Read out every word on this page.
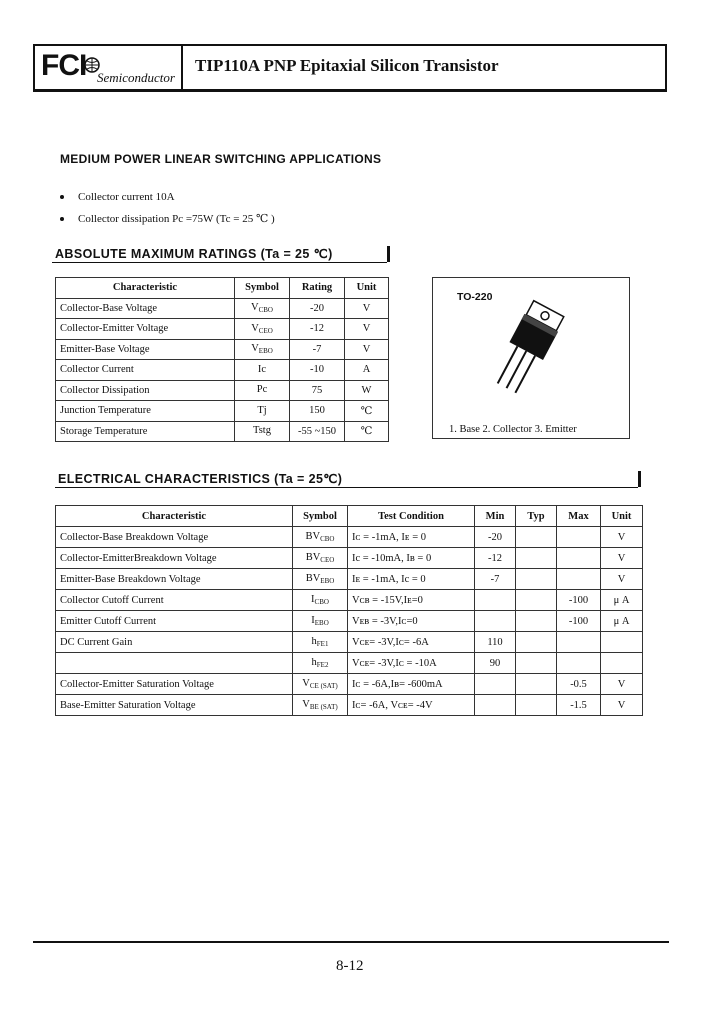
FCI Semiconductor
TIP110A PNP Epitaxial Silicon Transistor
MEDIUM POWER LINEAR SWITCHING APPLICATIONS
Collector current 10A
Collector dissipation Pc =75W (Tc = 25 ℃ )
ABSOLUTE MAXIMUM RATINGS (Ta = 25 ℃)
Characteristic	Symbol	Rating	Unit
Collector-Base Voltage	$V_{CBO}$	-20	V
Collector-Emitter Voltage	$V_{CEO}$	-12	V
Emitter-Base Voltage	$V_{EBO}$	-7	V
Collector Current	Ic	-10	A
Collector Dissipation	Pc	75	W
Junction Temperature	Tj	150	℃
Storage Temperature	Tstg	-55 ~150	℃
TO-220
1. Base 2. Collector 3. Emitter
ELECTRICAL CHARACTERISTICS (Ta = 25℃)
Characteristic	Symbol	Test Condition	Min	Typ	Max	Unit
Collector-Base Breakdown Voltage	$BV_{CBO}$	Iᴄ = -1mA, Iᴇ = 0	-20			V
Collector-EmitterBreakdown Voltage	$BV_{CEO}$	Ic = -10mA, Iʙ = 0	-12			V
Emitter-Base Breakdown Voltage	$BV_{EBO}$	Iᴇ = -1mA, Ic = 0	-7			V
Collector Cutoff Current	$I_{CBO}$	Vᴄʙ = -15V,Iᴇ=0			-100	μ A
Emitter Cutoff Current	$I_{EBO}$	Vᴇʙ = -3V,Iᴄ=0			-100	μ A
DC Current Gain	$h_{FE1}$	Vᴄᴇ= -3V,Iᴄ= -6A	110			
	$h_{FE2}$	Vᴄᴇ= -3V,Iᴄ = -10A	90			
Collector-Emitter Saturation Voltage	$V_{CE (SAT)}$	Iᴄ = -6A,Iʙ= -600mA			-0.5	V
Base-Emitter Saturation Voltage	$V_{BE (SAT)}$	Iᴄ= -6A, Vᴄᴇ= -4V			-1.5	V
8-12
